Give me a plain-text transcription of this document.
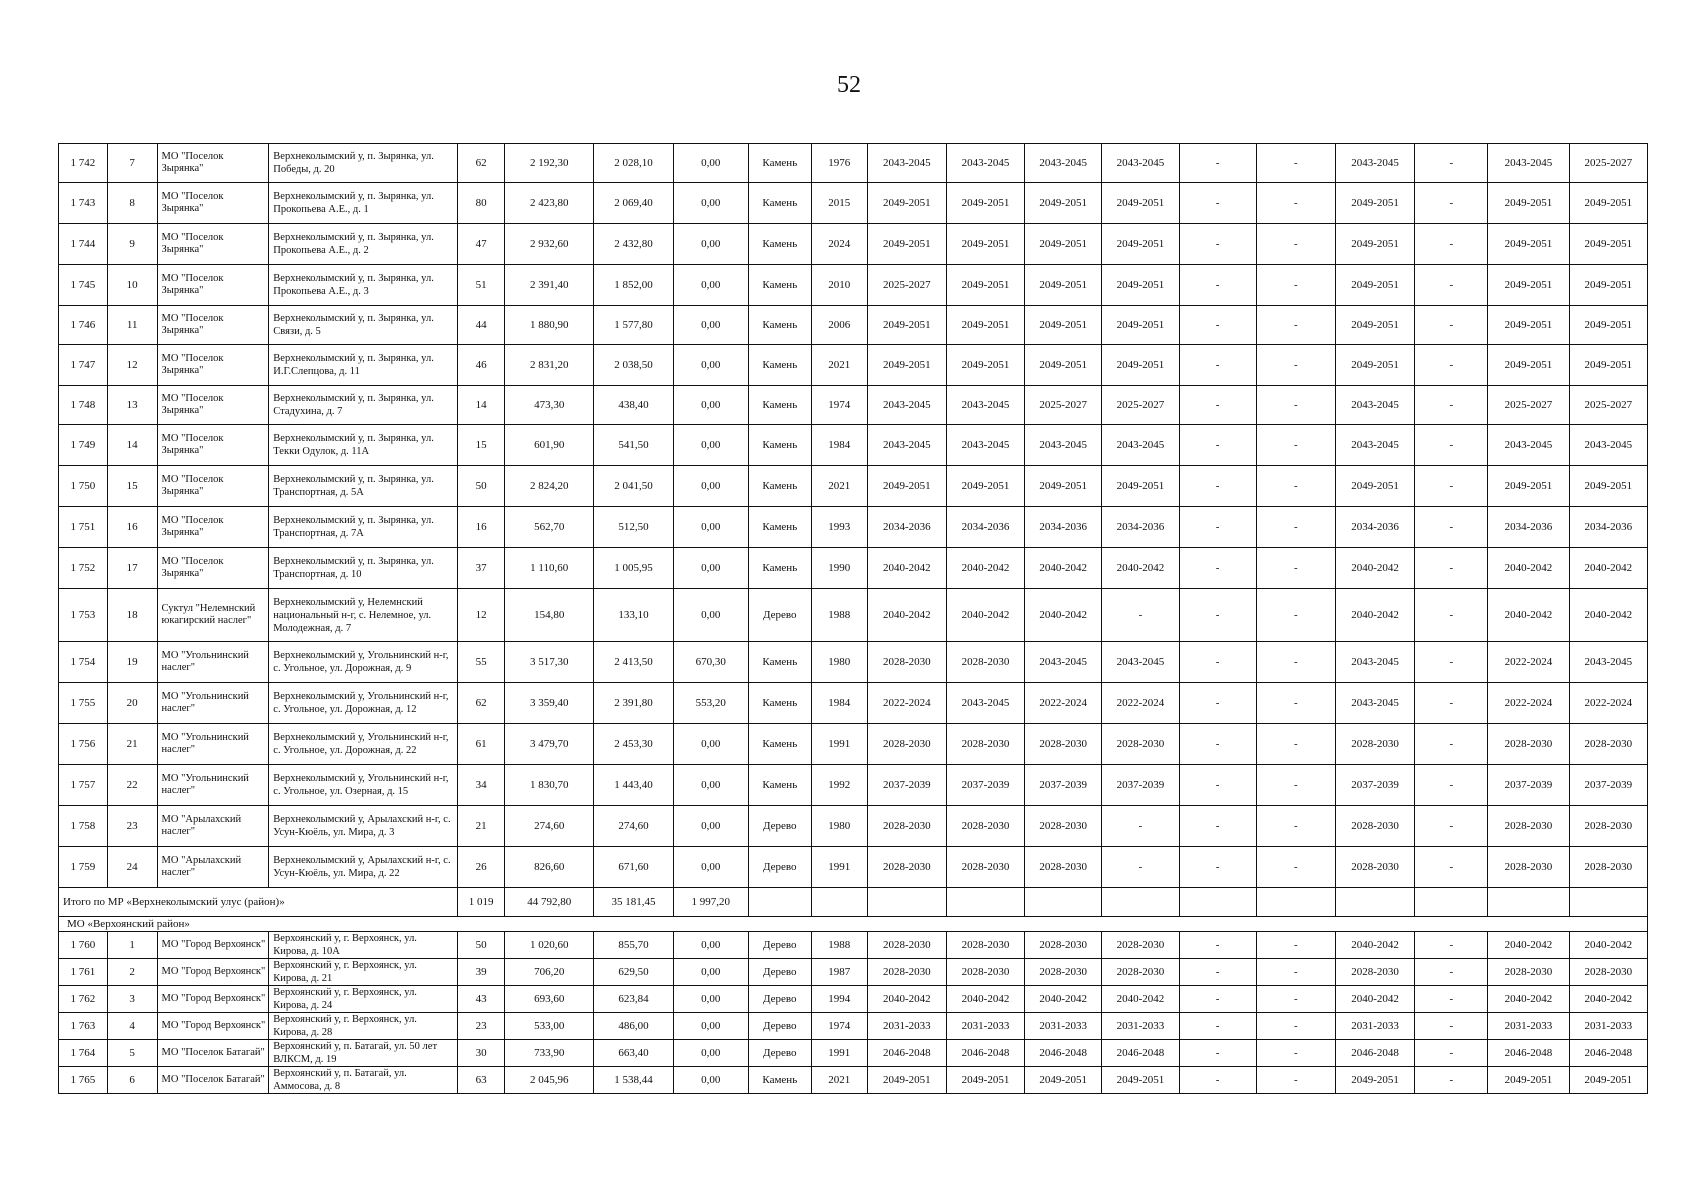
52
1 742	7	МО "Поселок Зырянка"	Верхнеколымский у, п. Зырянка, ул. Победы, д. 20	62	2 192,30	2 028,10	0,00	Камень	1976	2043-2045	2043-2045	2043-2045	2043-2045	-	-	2043-2045	-	2043-2045	2025-2027
1 743	8	МО "Поселок Зырянка"	Верхнеколымский у, п. Зырянка, ул. Прокопьева А.Е., д. 1	80	2 423,80	2 069,40	0,00	Камень	2015	2049-2051	2049-2051	2049-2051	2049-2051	-	-	2049-2051	-	2049-2051	2049-2051
1 744	9	МО "Поселок Зырянка"	Верхнеколымский у, п. Зырянка, ул. Прокопьева А.Е., д. 2	47	2 932,60	2 432,80	0,00	Камень	2024	2049-2051	2049-2051	2049-2051	2049-2051	-	-	2049-2051	-	2049-2051	2049-2051
1 745	10	МО "Поселок Зырянка"	Верхнеколымский у, п. Зырянка, ул. Прокопьева А.Е., д. 3	51	2 391,40	1 852,00	0,00	Камень	2010	2025-2027	2049-2051	2049-2051	2049-2051	-	-	2049-2051	-	2049-2051	2049-2051
1 746	11	МО "Поселок Зырянка"	Верхнеколымский у, п. Зырянка, ул. Связи, д. 5	44	1 880,90	1 577,80	0,00	Камень	2006	2049-2051	2049-2051	2049-2051	2049-2051	-	-	2049-2051	-	2049-2051	2049-2051
1 747	12	МО "Поселок Зырянка"	Верхнеколымский у, п. Зырянка, ул. И.Г.Слепцова, д. 11	46	2 831,20	2 038,50	0,00	Камень	2021	2049-2051	2049-2051	2049-2051	2049-2051	-	-	2049-2051	-	2049-2051	2049-2051
1 748	13	МО "Поселок Зырянка"	Верхнеколымский у, п. Зырянка, ул. Стадухина, д. 7	14	473,30	438,40	0,00	Камень	1974	2043-2045	2043-2045	2025-2027	2025-2027	-	-	2043-2045	-	2025-2027	2025-2027
1 749	14	МО "Поселок Зырянка"	Верхнеколымский у, п. Зырянка, ул. Текки Одулок, д. 11А	15	601,90	541,50	0,00	Камень	1984	2043-2045	2043-2045	2043-2045	2043-2045	-	-	2043-2045	-	2043-2045	2043-2045
1 750	15	МО "Поселок Зырянка"	Верхнеколымский у, п. Зырянка, ул. Транспортная, д. 5А	50	2 824,20	2 041,50	0,00	Камень	2021	2049-2051	2049-2051	2049-2051	2049-2051	-	-	2049-2051	-	2049-2051	2049-2051
1 751	16	МО "Поселок Зырянка"	Верхнеколымский у, п. Зырянка, ул. Транспортная, д. 7А	16	562,70	512,50	0,00	Камень	1993	2034-2036	2034-2036	2034-2036	2034-2036	-	-	2034-2036	-	2034-2036	2034-2036
1 752	17	МО "Поселок Зырянка"	Верхнеколымский у, п. Зырянка, ул. Транспортная, д. 10	37	1 110,60	1 005,95	0,00	Камень	1990	2040-2042	2040-2042	2040-2042	2040-2042	-	-	2040-2042	-	2040-2042	2040-2042
1 753	18	Суктул "Нелемнский юкагирский наслег"	Верхнеколымский у, Нелемнский национальный н-г, с. Нелемное, ул. Молодежная, д. 7	12	154,80	133,10	0,00	Дерево	1988	2040-2042	2040-2042	2040-2042	-	-	-	2040-2042	-	2040-2042	2040-2042
1 754	19	МО "Угольнинский наслег"	Верхнеколымский у, Угольнинский н-г, с. Угольное, ул. Дорожная, д. 9	55	3 517,30	2 413,50	670,30	Камень	1980	2028-2030	2028-2030	2043-2045	2043-2045	-	-	2043-2045	-	2022-2024	2043-2045
1 755	20	МО "Угольнинский наслег"	Верхнеколымский у, Угольнинский н-г, с. Угольное, ул. Дорожная, д. 12	62	3 359,40	2 391,80	553,20	Камень	1984	2022-2024	2043-2045	2022-2024	2022-2024	-	-	2043-2045	-	2022-2024	2022-2024
1 756	21	МО "Угольнинский наслег"	Верхнеколымский у, Угольнинский н-г, с. Угольное, ул. Дорожная, д. 22	61	3 479,70	2 453,30	0,00	Камень	1991	2028-2030	2028-2030	2028-2030	2028-2030	-	-	2028-2030	-	2028-2030	2028-2030
1 757	22	МО "Угольнинский наслег"	Верхнеколымский у, Угольнинский н-г, с. Угольное, ул. Озерная, д. 15	34	1 830,70	1 443,40	0,00	Камень	1992	2037-2039	2037-2039	2037-2039	2037-2039	-	-	2037-2039	-	2037-2039	2037-2039
1 758	23	МО "Арылахский наслег"	Верхнеколымский у, Арылахский н-г, с. Усун-Кюёль, ул. Мира, д. 3	21	274,60	274,60	0,00	Дерево	1980	2028-2030	2028-2030	2028-2030	-	-	-	2028-2030	-	2028-2030	2028-2030
1 759	24	МО "Арылахский наслег"	Верхнеколымский у, Арылахский н-г, с. Усун-Кюёль, ул. Мира, д. 22	26	826,60	671,60	0,00	Дерево	1991	2028-2030	2028-2030	2028-2030	-	-	-	2028-2030	-	2028-2030	2028-2030
Итого по МР «Верхнеколымский улус (район)»				1 019	44 792,80	35 181,45	1 997,20												
МО «Верхоянский район»																			
1 760	1	МО "Город Верхоянск"	Верхоянский у, г. Верхоянск, ул. Кирова, д. 10А	50	1 020,60	855,70	0,00	Дерево	1988	2028-2030	2028-2030	2028-2030	2028-2030	-	-	2040-2042	-	2040-2042	2040-2042
1 761	2	МО "Город Верхоянск"	Верхоянский у, г. Верхоянск, ул. Кирова, д. 21	39	706,20	629,50	0,00	Дерево	1987	2028-2030	2028-2030	2028-2030	2028-2030	-	-	2028-2030	-	2028-2030	2028-2030
1 762	3	МО "Город Верхоянск"	Верхоянский у, г. Верхоянск, ул. Кирова, д. 24	43	693,60	623,84	0,00	Дерево	1994	2040-2042	2040-2042	2040-2042	2040-2042	-	-	2040-2042	-	2040-2042	2040-2042
1 763	4	МО "Город Верхоянск"	Верхоянский у, г. Верхоянск, ул. Кирова, д. 28	23	533,00	486,00	0,00	Дерево	1974	2031-2033	2031-2033	2031-2033	2031-2033	-	-	2031-2033	-	2031-2033	2031-2033
1 764	5	МО "Поселок Батагай"	Верхоянский у, п. Батагай, ул. 50 лет ВЛКСМ, д. 19	30	733,90	663,40	0,00	Дерево	1991	2046-2048	2046-2048	2046-2048	2046-2048	-	-	2046-2048	-	2046-2048	2046-2048
1 765	6	МО "Поселок Батагай"	Верхоянский у, п. Батагай, ул. Аммосова, д. 8	63	2 045,96	1 538,44	0,00	Камень	2021	2049-2051	2049-2051	2049-2051	2049-2051	-	-	2049-2051	-	2049-2051	2049-2051
